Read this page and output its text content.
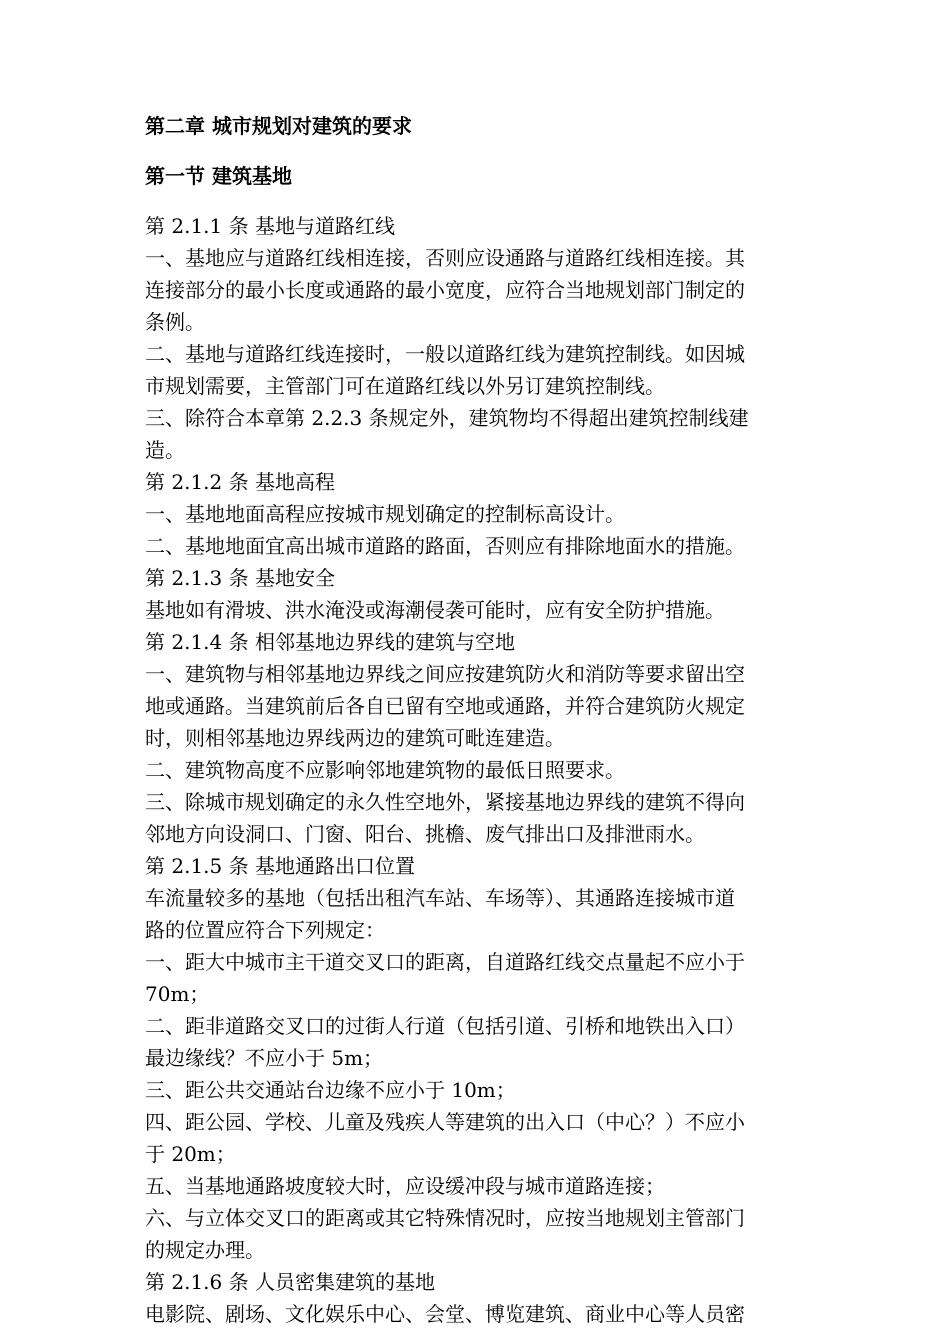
第二章 城市规划对建筑的要求
第一节 建筑基地
第 2.1.1 条 基地与道路红线
一、基地应与道路红线相连接，否则应设通路与道路红线相连接。其
连接部分的最小长度或通路的最小宽度，应符合当地规划部门制定的
条例。
二、基地与道路红线连接时，一般以道路红线为建筑控制线。如因城
市规划需要，主管部门可在道路红线以外另订建筑控制线。
三、除符合本章第 2.2.3 条规定外，建筑物均不得超出建筑控制线建
造。
第 2.1.2 条 基地高程
一、基地地面高程应按城市规划确定的控制标高设计。
二、基地地面宜高出城市道路的路面，否则应有排除地面水的措施。
第 2.1.3 条 基地安全
基地如有滑坡、洪水淹没或海潮侵袭可能时，应有安全防护措施。
第 2.1.4 条 相邻基地边界线的建筑与空地
一、建筑物与相邻基地边界线之间应按建筑防火和消防等要求留出空
地或通路。当建筑前后各自已留有空地或通路，并符合建筑防火规定
时，则相邻基地边界线两边的建筑可毗连建造。
二、建筑物高度不应影响邻地建筑物的最低日照要求。
三、除城市规划确定的永久性空地外，紧接基地边界线的建筑不得向
邻地方向设洞口、门窗、阳台、挑檐、废气排出口及排泄雨水。
第 2.1.5 条 基地通路出口位置
车流量较多的基地（包括出租汽车站、车场等）、其通路连接城市道
路的位置应符合下列规定：
一、距大中城市主干道交叉口的距离，自道路红线交点量起不应小于
70m；
二、距非道路交叉口的过街人行道（包括引道、引桥和地铁出入口）
最边缘线？不应小于 5m；
三、距公共交通站台边缘不应小于 10m；
四、距公园、学校、儿童及残疾人等建筑的出入口（中心？）不应小
于 20m；
五、当基地通路坡度较大时，应设缓冲段与城市道路连接；
六、与立体交叉口的距离或其它特殊情况时，应按当地规划主管部门
的规定办理。
第 2.1.6 条 人员密集建筑的基地
电影院、剧场、文化娱乐中心、会堂、博览建筑、商业中心等人员密
